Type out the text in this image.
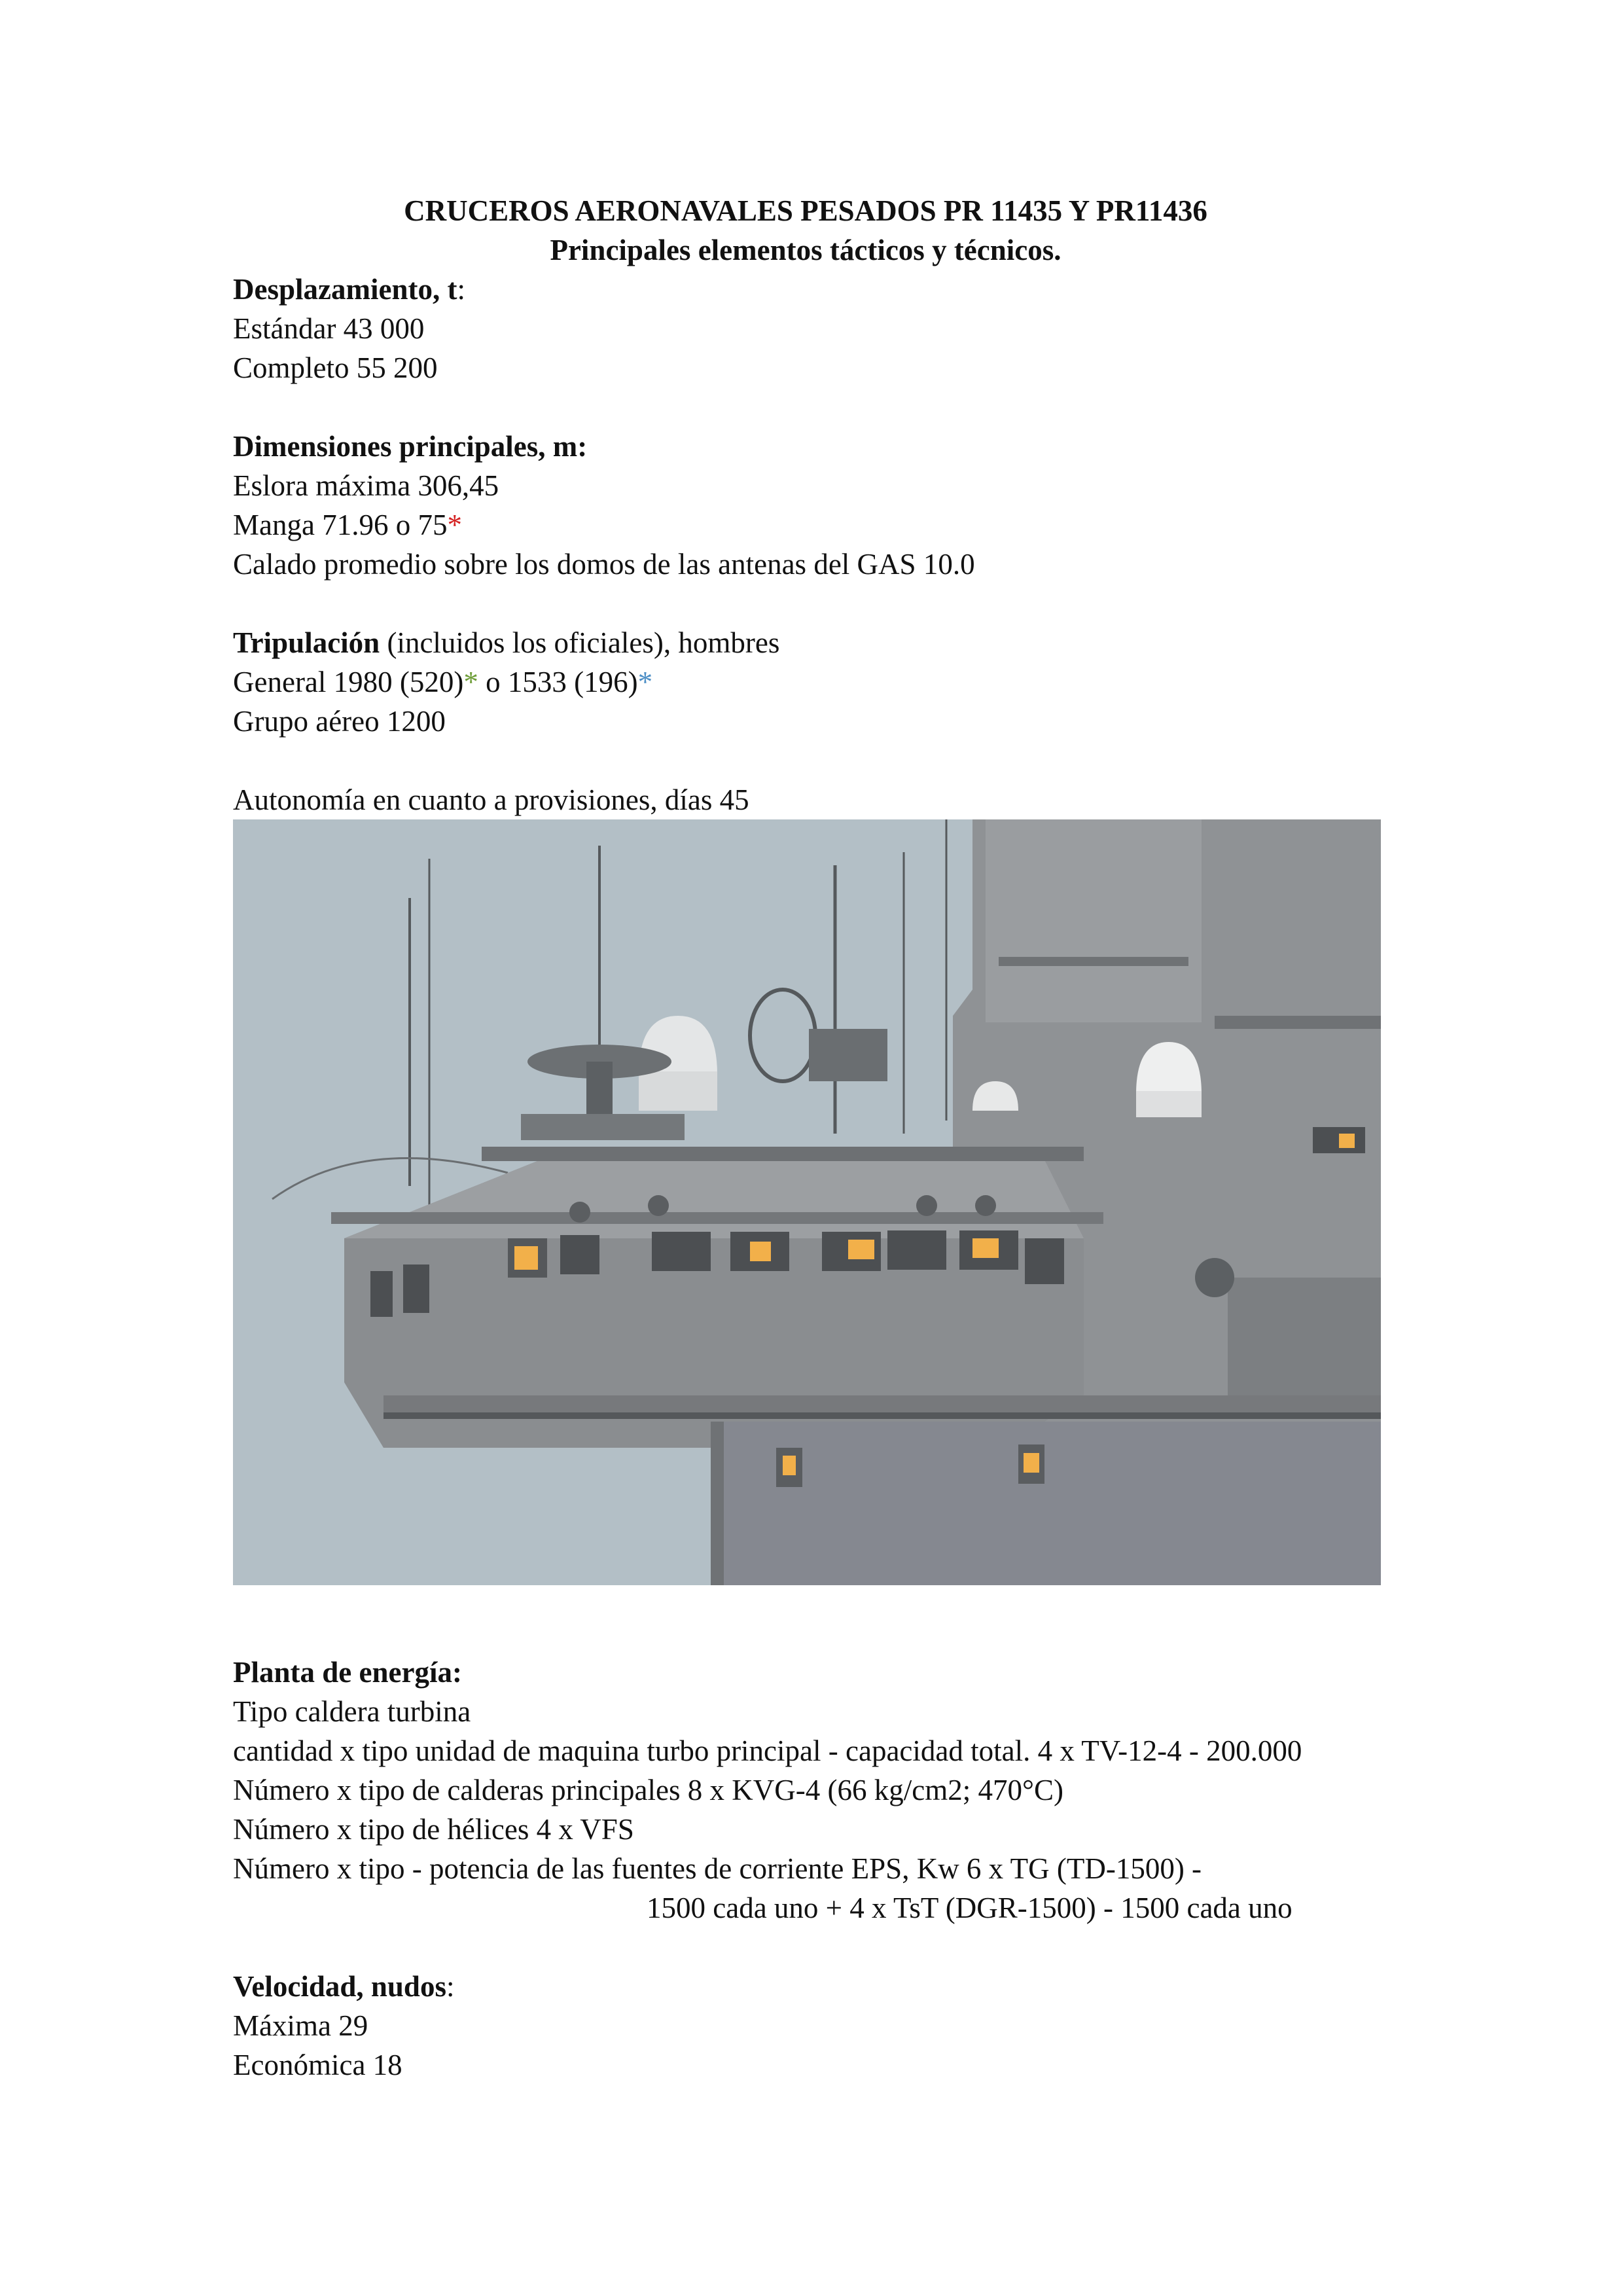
CRUCEROS AERONAVALES PESADOS PR 11435 Y PR11436

Principales elementos tácticos y técnicos.

Desplazamiento, t:

Estándar 43 000

Completo 55 200

Dimensiones principales, m:

Eslora máxima 306,45

Manga 71.96 o 75*

Calado promedio sobre los domos de las antenas del GAS 10.0

Tripulación (incluidos los oficiales), hombres

General 1980 (520)* o 1533 (196)*

Grupo aéreo 1200

Autonomía en cuanto a provisiones, días 45

Planta de energía:

Tipo caldera turbina

cantidad x tipo unidad de maquina turbo principal - capacidad total. 4 x TV-12-4 - 200.000

Número x tipo de calderas principales 8 x KVG-4 (66 kg/cm2; 470°C)

Número x tipo de hélices 4 x VFS

Número x tipo - potencia de las fuentes de corriente EPS, Kw 6 x TG (TD-1500) -

1500 cada uno + 4 x TsT (DGR-1500) - 1500 cada uno

Velocidad, nudos:

Máxima 29

Económica 18
